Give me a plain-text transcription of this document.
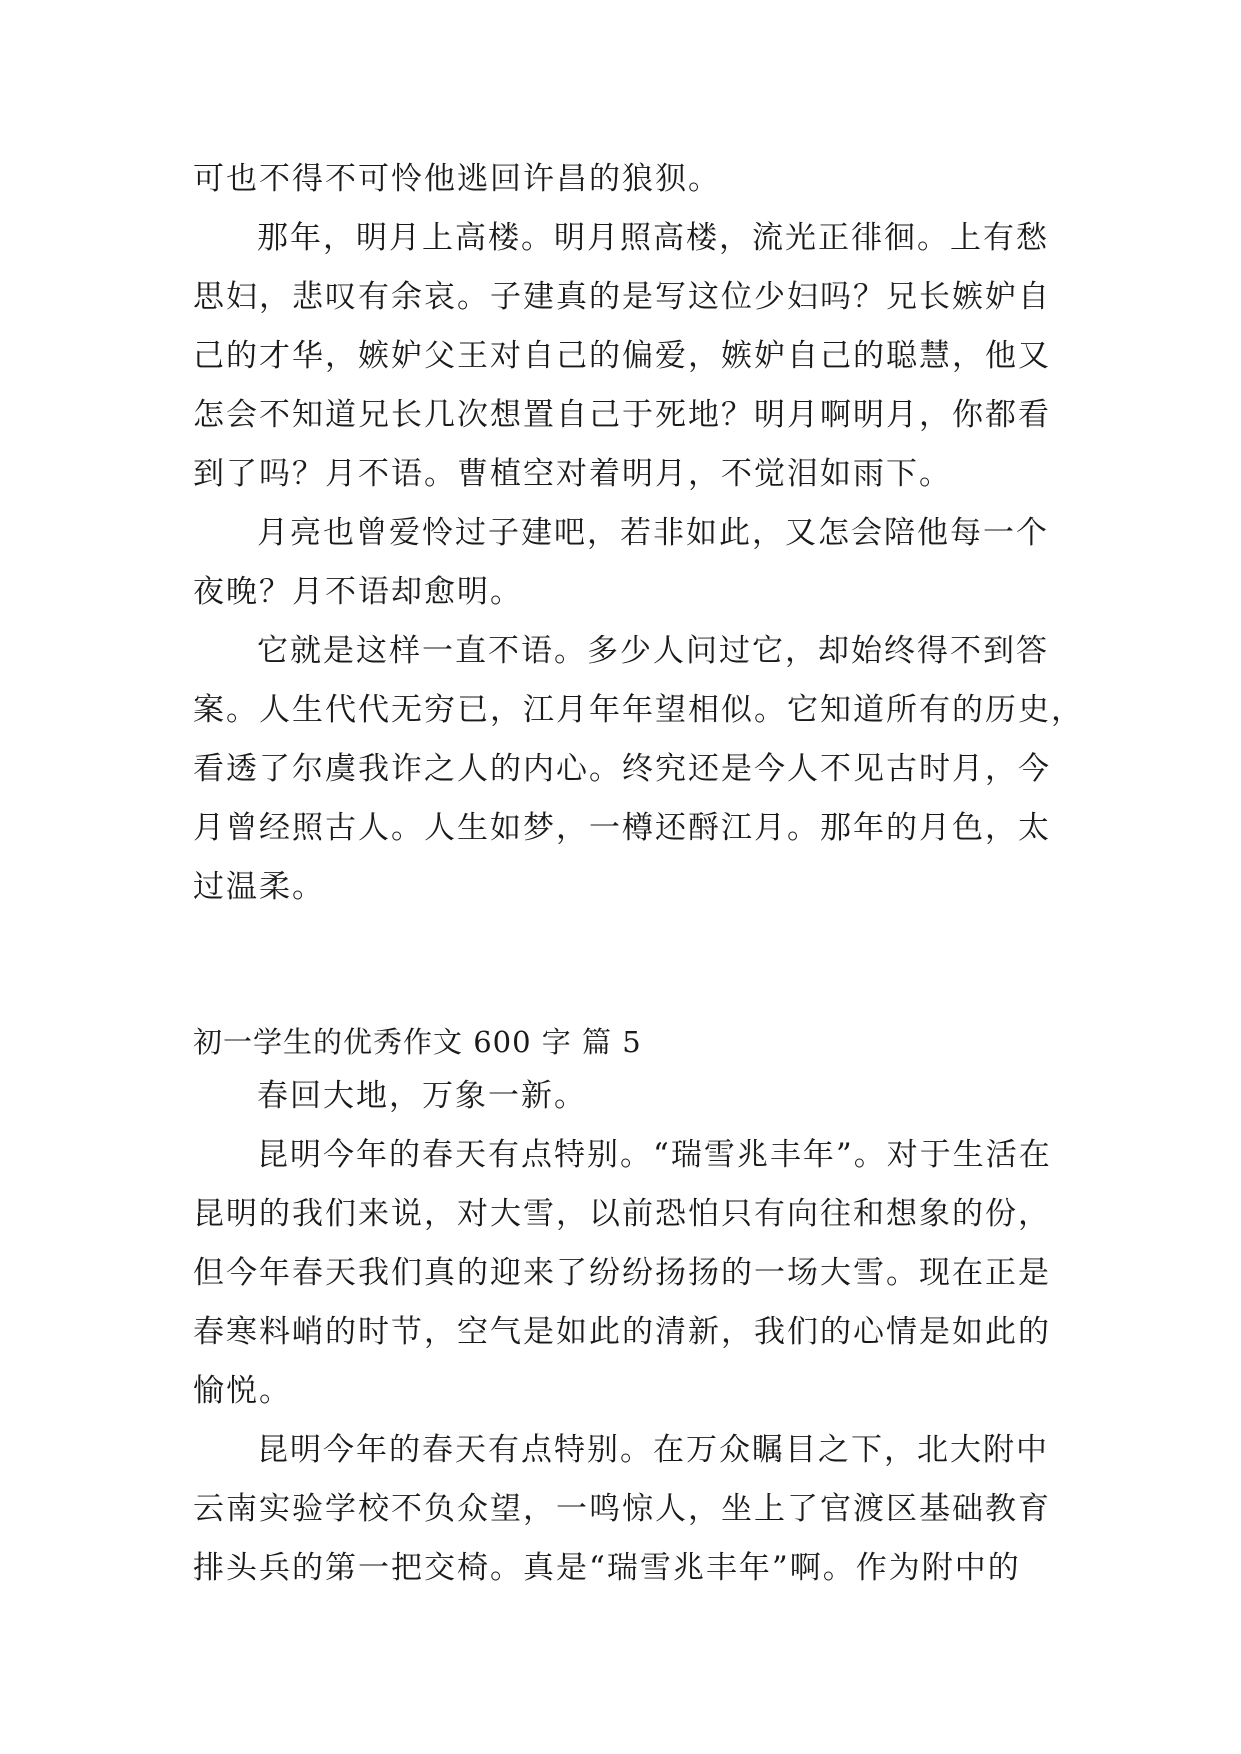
可也不得不可怜他逃回许昌的狼狈。
那年，明月上高楼。明月照高楼，流光正徘徊。上有愁
思妇，悲叹有余哀。子建真的是写这位少妇吗？兄长嫉妒自
己的才华，嫉妒父王对自己的偏爱，嫉妒自己的聪慧，他又
怎会不知道兄长几次想置自己于死地？明月啊明月，你都看
到了吗？月不语。曹植空对着明月，不觉泪如雨下。
月亮也曾爱怜过子建吧，若非如此，又怎会陪他每一个
夜晚？月不语却愈明。
它就是这样一直不语。多少人问过它，却始终得不到答
案。人生代代无穷已，江月年年望相似。它知道所有的历史，
看透了尔虞我诈之人的内心。终究还是今人不见古时月，今
月曾经照古人。人生如梦，一樽还酹江月。那年的月色，太
过温柔。
初一学生的优秀作文 600 字 篇 5
春回大地，万象一新。
昆明今年的春天有点特别。“瑞雪兆丰年”。对于生活在
昆明的我们来说，对大雪，以前恐怕只有向往和想象的份，
但今年春天我们真的迎来了纷纷扬扬的一场大雪。现在正是
春寒料峭的时节，空气是如此的清新，我们的心情是如此的
愉悦。
昆明今年的春天有点特别。在万众瞩目之下，北大附中
云南实验学校不负众望，一鸣惊人，坐上了官渡区基础教育
排头兵的第一把交椅。真是“瑞雪兆丰年”啊。作为附中的
